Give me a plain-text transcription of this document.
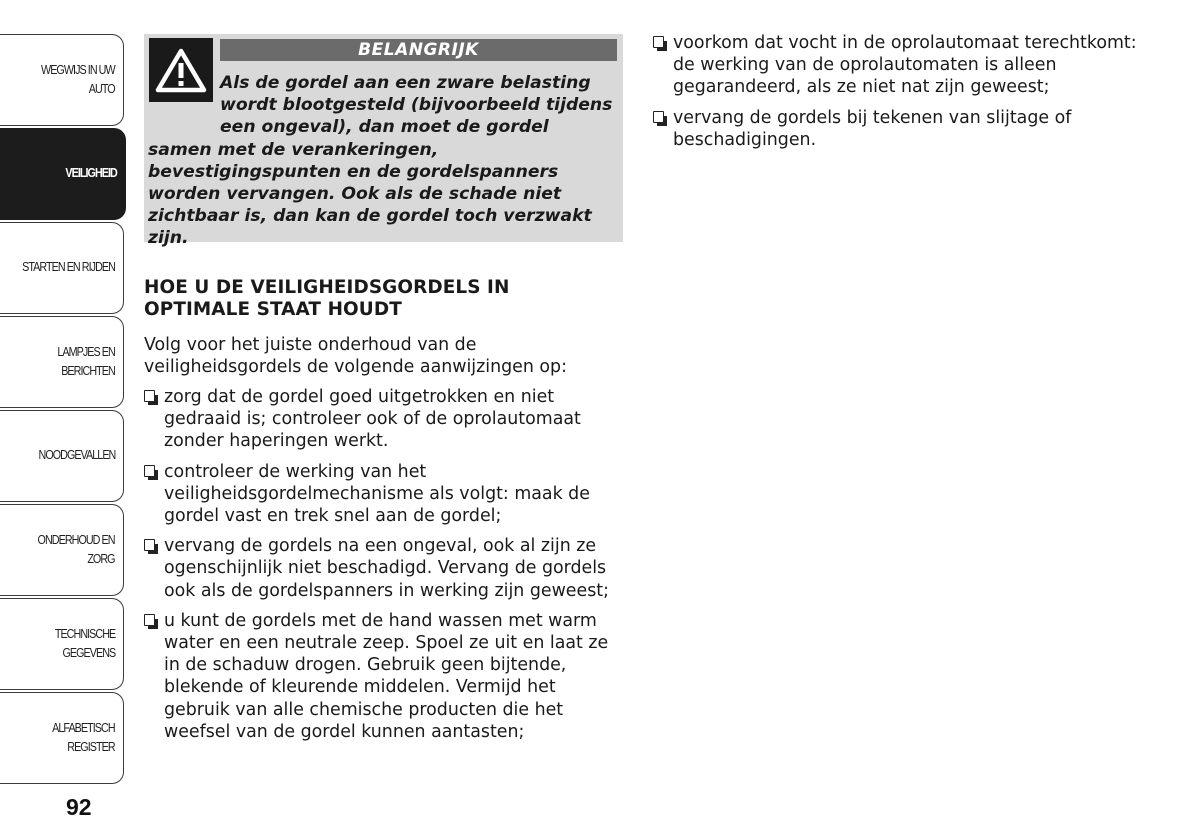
WEGWIJS IN UW
AUTO
VEILIGHEID
STARTEN EN RIJDEN
LAMPJES EN
BERICHTEN
NOODGEVALLEN
ONDERHOUD EN
ZORG
TECHNISCHE
GEGEVENS
ALFABETISCH
REGISTER
92
BELANGRIJK
Als de gordel aan een zware belasting wordt blootgesteld (bijvoorbeeld tijdens een ongeval), dan moet de gordel samen met de verankeringen, bevestigingspunten en de gordelspanners worden vervangen. Ook als de schade niet zichtbaar is, dan kan de gordel toch verzwakt zijn.
HOE U DE VEILIGHEIDSGORDELS IN OPTIMALE STAAT HOUDT

Volg voor het juiste onderhoud van de veiligheidsgordels de volgende aanwijzingen op:

zorg dat de gordel goed uitgetrokken en niet gedraaid is; controleer ook of de oprolautomaat zonder haperingen werkt.
controleer de werking van het veiligheidsgordelmechanisme als volgt: maak de gordel vast en trek snel aan de gordel;
vervang de gordels na een ongeval, ook al zijn ze ogenschijnlijk niet beschadigd. Vervang de gordels ook als de gordelspanners in werking zijn geweest;
u kunt de gordels met de hand wassen met warm water en een neutrale zeep. Spoel ze uit en laat ze in de schaduw drogen. Gebruik geen bijtende, blekende of kleurende middelen. Vermijd het gebruik van alle chemische producten die het weefsel van de gordel kunnen aantasten;
voorkom dat vocht in de oprolautomaat terechtkomt: de werking van de oprolautomaten is alleen gegarandeerd, als ze niet nat zijn geweest;
vervang de gordels bij tekenen van slijtage of beschadigingen.
